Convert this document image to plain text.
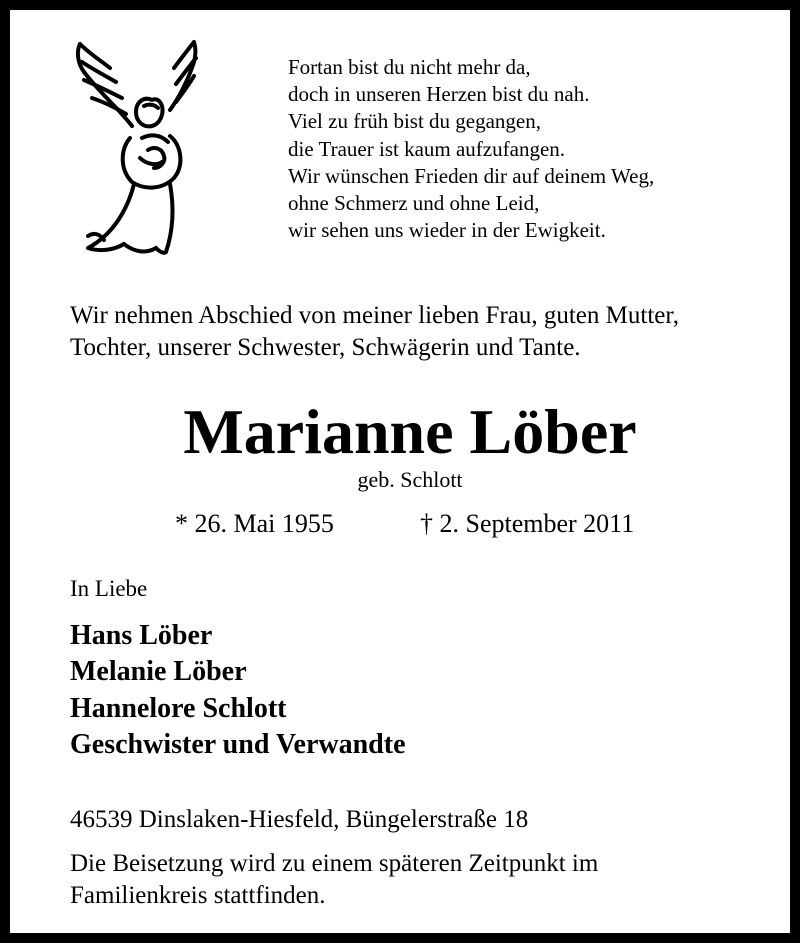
Fortan bist du nicht mehr da,
doch in unseren Herzen bist du nah.
Viel zu früh bist du gegangen,
die Trauer ist kaum aufzufangen.
Wir wünschen Frieden dir auf deinem Weg,
ohne Schmerz und ohne Leid,
wir sehen uns wieder in der Ewigkeit.
Wir nehmen Abschied von meiner lieben Frau, guten Mutter,
Tochter, unserer Schwester, Schwägerin und Tante.
Marianne Löber
geb. Schlott
* 26. Mai 1955	† 2. September 2011
In Liebe
Hans Löber
Melanie Löber
Hannelore Schlott
Geschwister und Verwandte
46539 Dinslaken-Hiesfeld, Büngelerstraße 18
Die Beisetzung wird zu einem späteren Zeitpunkt im
Familienkreis stattfinden.
